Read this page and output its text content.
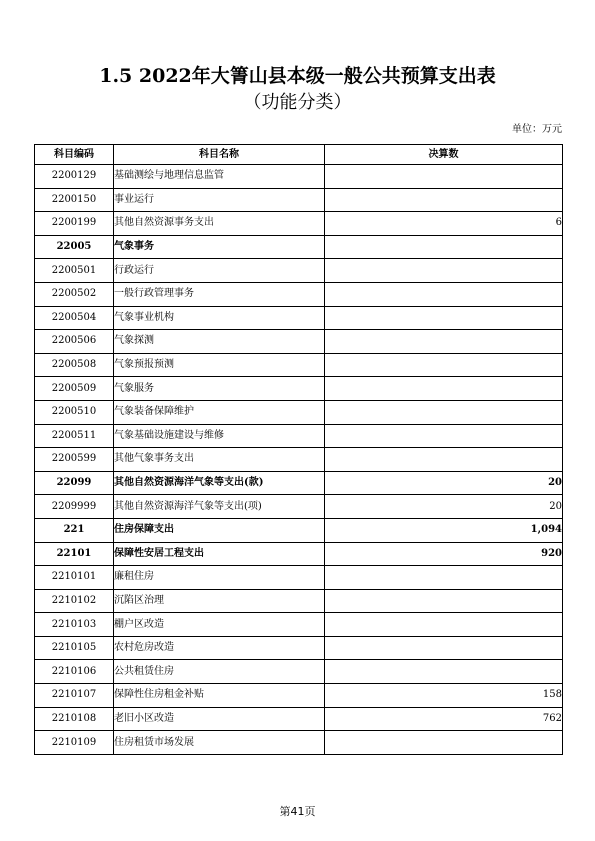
1.5 2022年大箐山县本级一般公共预算支出表
（功能分类）
单位：万元
科目编码	科目名称	决算数
2200129	基础测绘与地理信息监管	
2200150	事业运行	
2200199	其他自然资源事务支出	6
22005	气象事务	
2200501	行政运行	
2200502	一般行政管理事务	
2200504	气象事业机构	
2200506	气象探测	
2200508	气象预报预测	
2200509	气象服务	
2200510	气象装备保障维护	
2200511	气象基础设施建设与维修	
2200599	其他气象事务支出	
22099	其他自然资源海洋气象等支出(款)	20
2209999	其他自然资源海洋气象等支出(项)	20
221	住房保障支出	1,094
22101	保障性安居工程支出	920
2210101	廉租住房	
2210102	沉陷区治理	
2210103	棚户区改造	
2210105	农村危房改造	
2210106	公共租赁住房	
2210107	保障性住房租金补贴	158
2210108	老旧小区改造	762
2210109	住房租赁市场发展	
第41页
